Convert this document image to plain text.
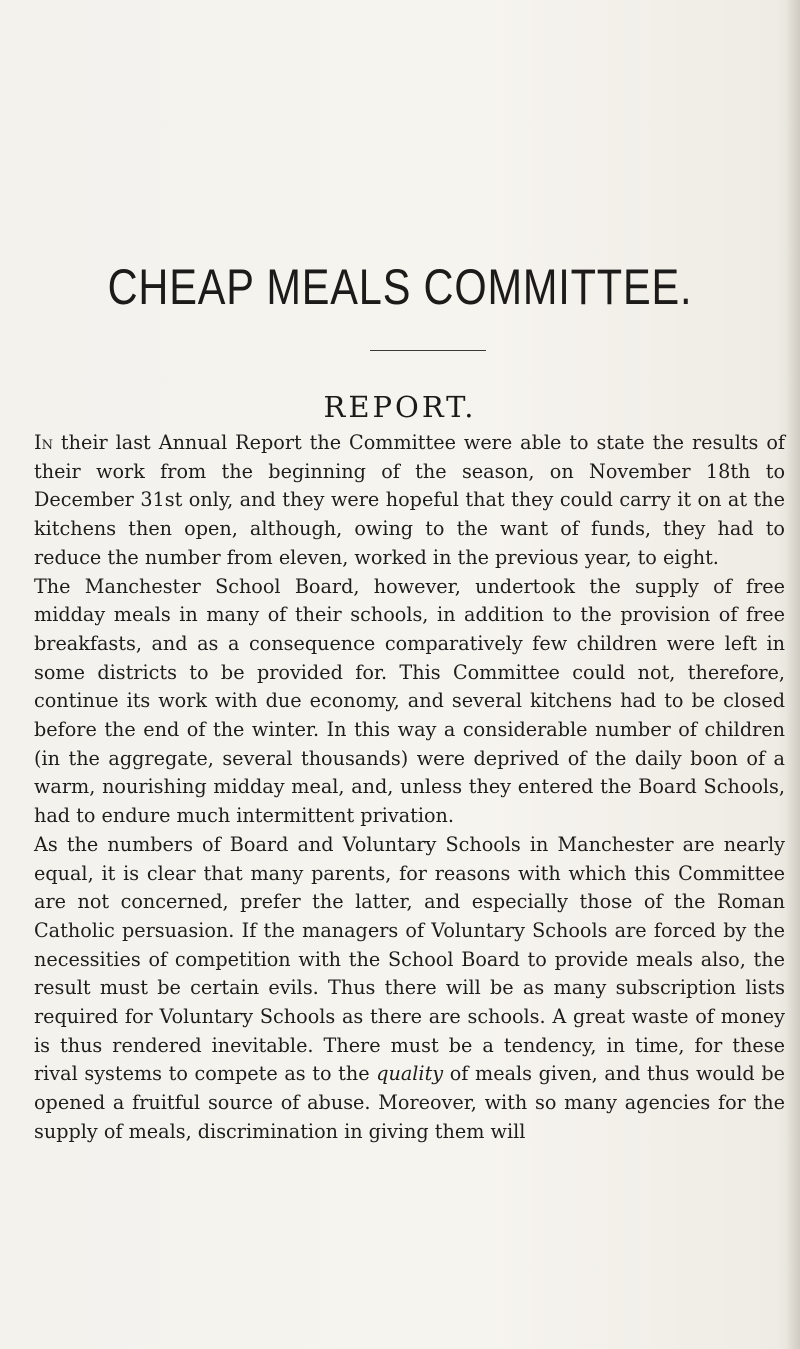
CHEAP MEALS COMMITTEE.
REPORT.

In their last Annual Report the Committee were able to state the results of their work from the beginning of the season, on November 18th to December 31st only, and they were hopeful that they could carry it on at the kitchens then open, although, owing to the want of funds, they had to reduce the number from eleven, worked in the previous year, to eight.

The Manchester School Board, however, undertook the supply of free midday meals in many of their schools, in addition to the provision of free breakfasts, and as a consequence comparatively few children were left in some districts to be provided for. This Committee could not, therefore, continue its work with due economy, and several kitchens had to be closed before the end of the winter. In this way a considerable number of children (in the aggregate, several thousands) were deprived of the daily boon of a warm, nourishing midday meal, and, unless they entered the Board Schools, had to endure much intermittent privation.

As the numbers of Board and Voluntary Schools in Manchester are nearly equal, it is clear that many parents, for reasons with which this Committee are not concerned, prefer the latter, and especially those of the Roman Catholic persuasion. If the managers of Voluntary Schools are forced by the necessities of competition with the School Board to provide meals also, the result must be certain evils. Thus there will be as many subscription lists required for Voluntary Schools as there are schools. A great waste of money is thus rendered inevitable. There must be a tendency, in time, for these rival systems to compete as to the quality of meals given, and thus would be opened a fruitful source of abuse. Moreover, with so many agencies for the supply of meals, discrimination in giving them will
